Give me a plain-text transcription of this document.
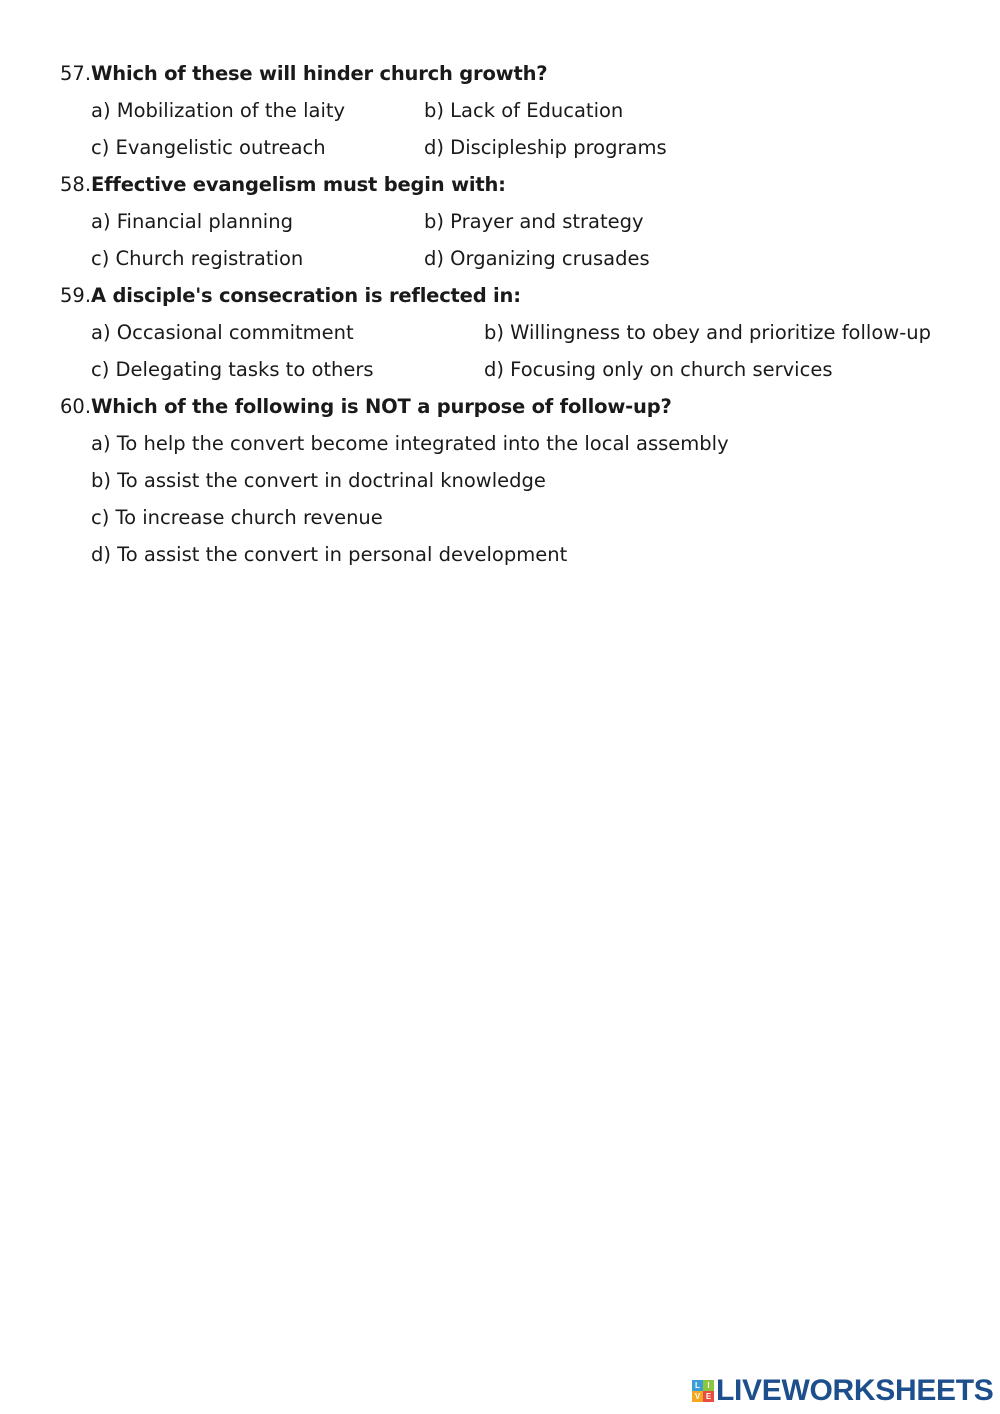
57. Which of these will hinder church growth?
a) Mobilization of the laity	b) Lack of Education
c) Evangelistic outreach	d) Discipleship programs
58. Effective evangelism must begin with:
a) Financial planning	b) Prayer and strategy
c) Church registration	d) Organizing crusades
59. A disciple's consecration is reflected in:
a) Occasional commitment	b) Willingness to obey and prioritize follow-up
c) Delegating tasks to others	d) Focusing only on church services
60. Which of the following is NOT a purpose of follow-up?
a) To help the convert become integrated into the local assembly
b) To assist the convert in doctrinal knowledge
c) To increase church revenue
d) To assist the convert in personal development
L I
V E LIVEWORKSHEETS
